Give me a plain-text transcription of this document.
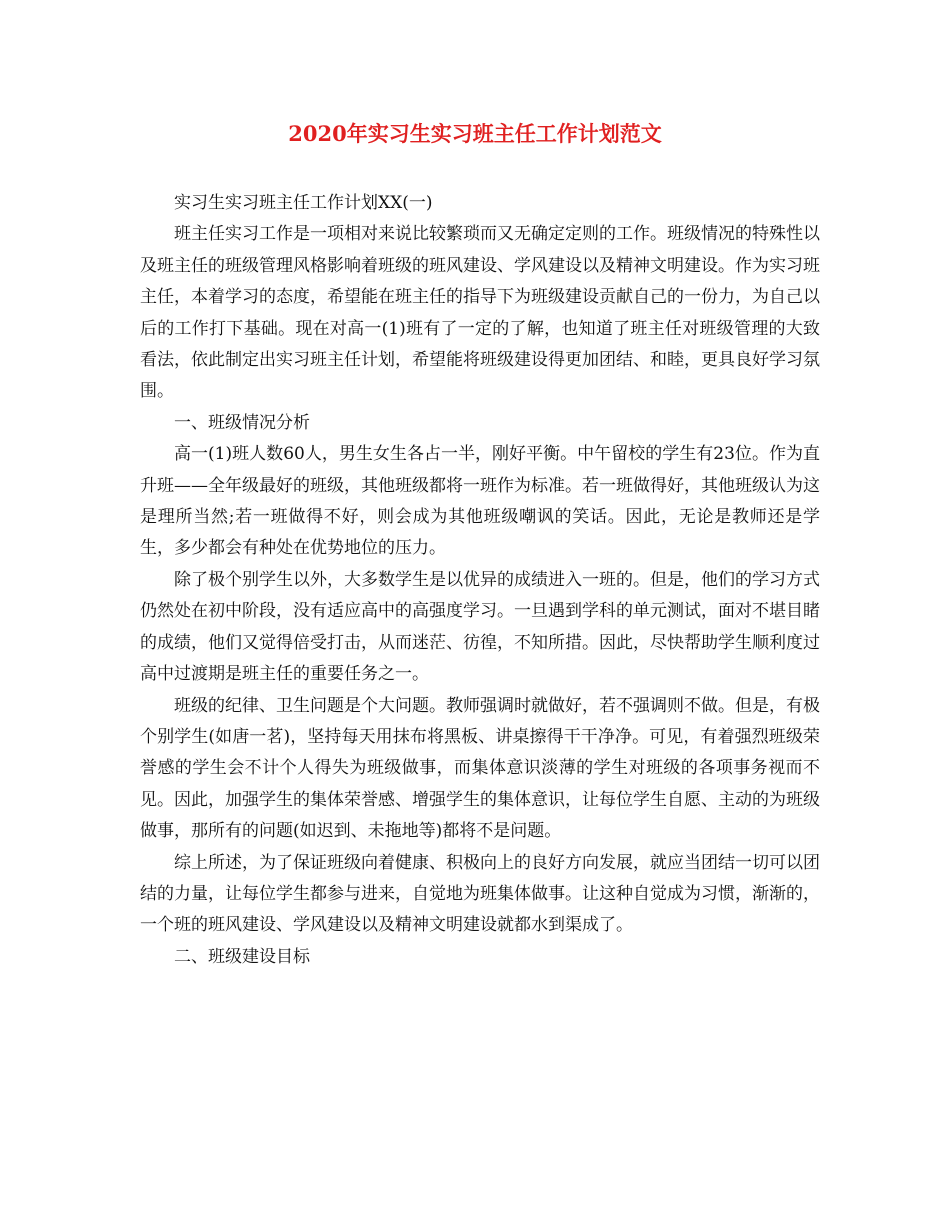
2020年实习生实习班主任工作计划范文

实习生实习班主任工作计划XX(一)

班主任实习工作是一项相对来说比较繁琐而又无确定定则的工作。班级情况的特殊性以及班主任的班级管理风格影响着班级的班风建设、学风建设以及精神文明建设。作为实习班主任，本着学习的态度，希望能在班主任的指导下为班级建设贡献自己的一份力，为自己以后的工作打下基础。现在对高一(1)班有了一定的了解，也知道了班主任对班级管理的大致看法，依此制定出实习班主任计划，希望能将班级建设得更加团结、和睦，更具良好学习氛围。

一、班级情况分析

高一(1)班人数60人，男生女生各占一半，刚好平衡。中午留校的学生有23位。作为直升班——全年级最好的班级，其他班级都将一班作为标准。若一班做得好，其他班级认为这是理所当然;若一班做得不好，则会成为其他班级嘲讽的笑话。因此，无论是教师还是学生，多少都会有种处在优势地位的压力。

除了极个别学生以外，大多数学生是以优异的成绩进入一班的。但是，他们的学习方式仍然处在初中阶段，没有适应高中的高强度学习。一旦遇到学科的单元测试，面对不堪目睹的成绩，他们又觉得倍受打击，从而迷茫、彷徨，不知所措。因此，尽快帮助学生顺利度过高中过渡期是班主任的重要任务之一。

班级的纪律、卫生问题是个大问题。教师强调时就做好，若不强调则不做。但是，有极个别学生(如唐一茗)，坚持每天用抹布将黑板、讲桌擦得干干净净。可见，有着强烈班级荣誉感的学生会不计个人得失为班级做事，而集体意识淡薄的学生对班级的各项事务视而不见。因此，加强学生的集体荣誉感、增强学生的集体意识，让每位学生自愿、主动的为班级做事，那所有的问题(如迟到、未拖地等)都将不是问题。

综上所述，为了保证班级向着健康、积极向上的良好方向发展，就应当团结一切可以团结的力量，让每位学生都参与进来，自觉地为班集体做事。让这种自觉成为习惯，渐渐的，一个班的班风建设、学风建设以及精神文明建设就都水到渠成了。

二、班级建设目标
